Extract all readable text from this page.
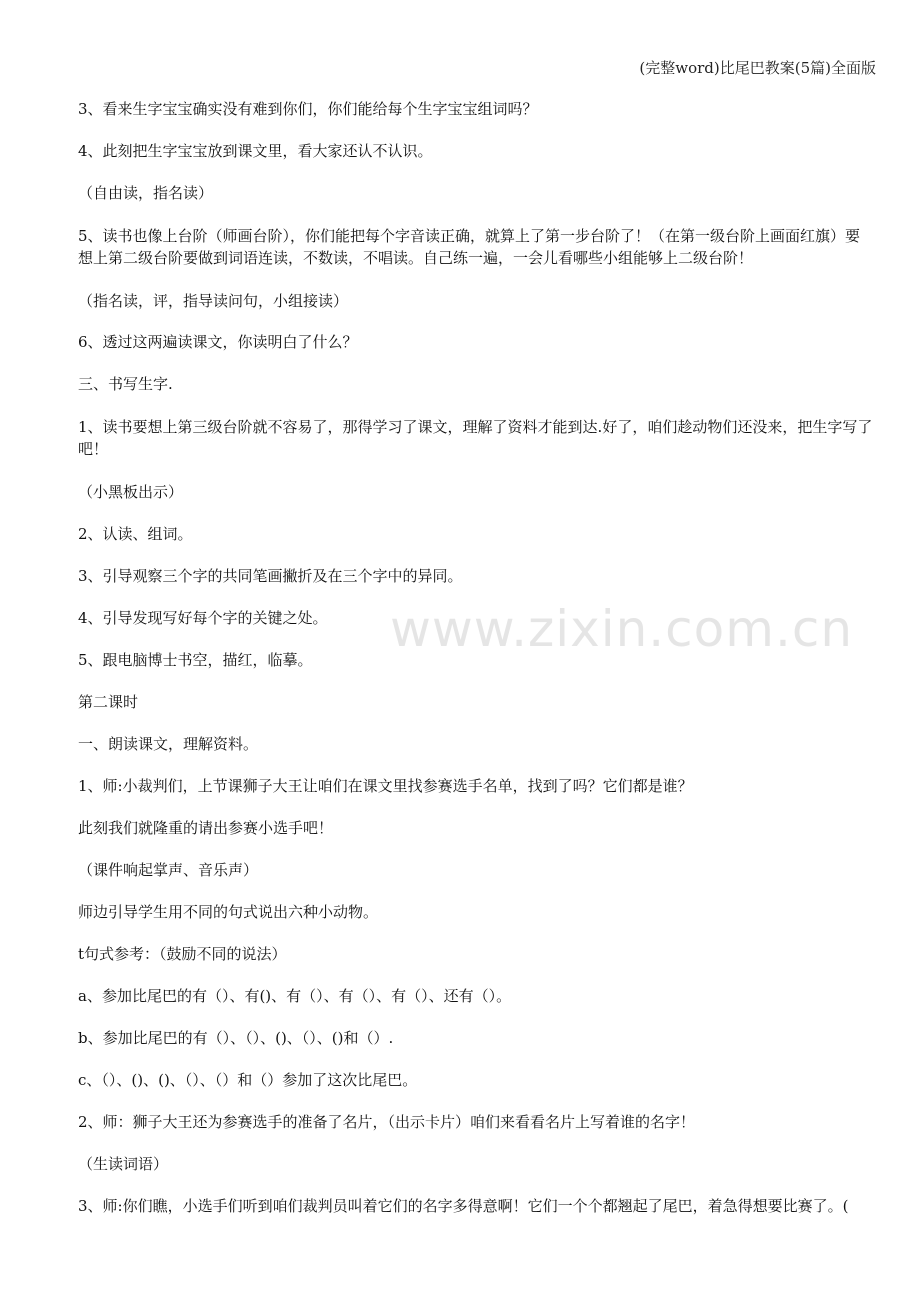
(完整word)比尾巴教案(5篇)全面版
www.zixin.com.cn

3、看来生字宝宝确实没有难到你们，你们能给每个生字宝宝组词吗？

4、此刻把生字宝宝放到课文里，看大家还认不认识。

（自由读，指名读）

5、读书也像上台阶（师画台阶），你们能把每个字音读正确，就算上了第一步台阶了！（在第一级台阶上画面红旗）要想上第二级台阶要做到词语连读，不数读，不唱读。自己练一遍，一会儿看哪些小组能够上二级台阶！

（指名读，评，指导读问句，小组接读）

6、透过这两遍读课文，你读明白了什么？

三、书写生字.

1、读书要想上第三级台阶就不容易了，那得学习了课文，理解了资料才能到达.好了，咱们趁动物们还没来，把生字写了吧！

（小黑板出示）

2、认读、组词。

3、引导观察三个字的共同笔画撇折及在三个字中的异同。

4、引导发现写好每个字的关键之处。

5、跟电脑博士书空，描红，临摹。

第二课时

一、朗读课文，理解资料。

1、师:小裁判们，上节课狮子大王让咱们在课文里找参赛选手名单，找到了吗？它们都是谁？

此刻我们就隆重的请出参赛小选手吧！

（课件响起掌声、音乐声）

师边引导学生用不同的句式说出六种小动物。

t句式参考：（鼓励不同的说法）

a、参加比尾巴的有（）、有()、有（）、有（）、有（）、还有（）。

b、参加比尾巴的有（）、（）、()、（）、()和（）.

c、（）、()、()、（）、（）和（）参加了这次比尾巴。

2、师：狮子大王还为参赛选手的准备了名片，（出示卡片）咱们来看看名片上写着谁的名字！

（生读词语）

3、师:你们瞧，小选手们听到咱们裁判员叫着它们的名字多得意啊！它们一个个都翘起了尾巴，着急得想要比赛了。(
